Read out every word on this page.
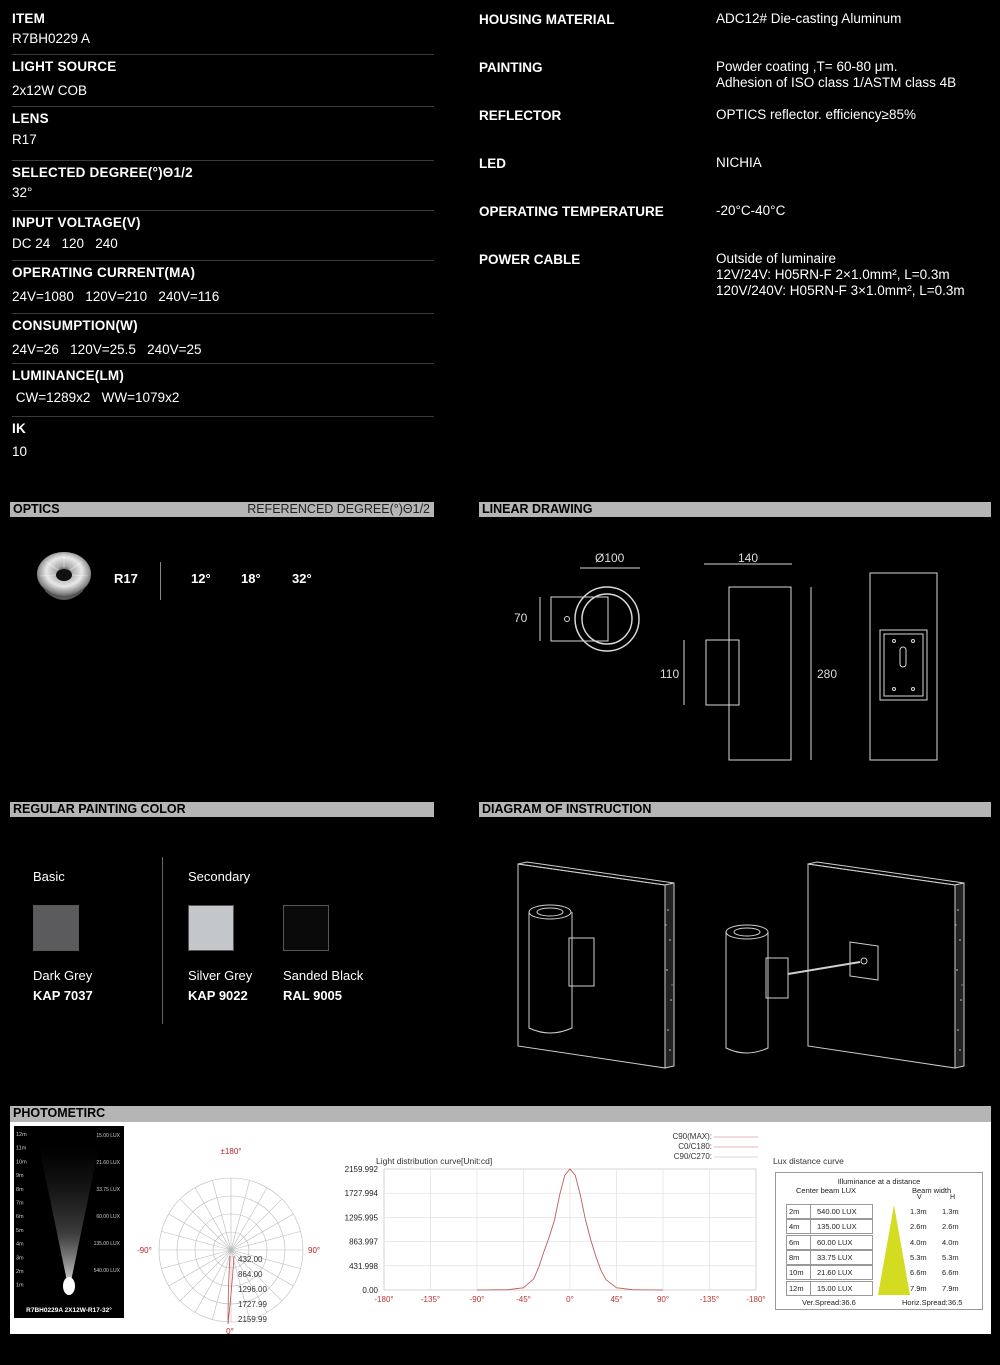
ITEM
R7BH0229 A
LIGHT SOURCE
2x12W COB
LENS
R17
SELECTED DEGREE(°)Θ1/2
32°
INPUT VOLTAGE(V)
DC 24   120   240
OPERATING CURRENT(MA)
24V=1080   120V=210   240V=116
CONSUMPTION(W)
24V=26   120V=25.5   240V=25
LUMINANCE(LM)
CW=1289x2   WW=1079x2
IK
10
HOUSING MATERIAL	ADC12# Die-casting Aluminum
PAINTING	Powder coating ,T= 60-80 μm.
Adhesion of ISO class 1/ASTM class 4B
REFLECTOR	OPTICS reflector. efficiency≥85%
LED	NICHIA
OPERATING TEMPERATURE	-20°C-40°C
POWER CABLE	Outside of luminaire
12V/24V: H05RN-F 2×1.0mm², L=0.3m
120V/240V: H05RN-F 3×1.0mm², L=0.3m
OPTICS	REFERENCED DEGREE(°)Θ1/2
R17	12° 18° 32°
LINEAR DRAWING
Ø100
70
140
110	280
REGULAR PAINTING COLOR
Basic	Secondary
Dark Grey
KAP 7037
Silver Grey
KAP 9022
Sanded Black
RAL 9005
DIAGRAM OF INSTRUCTION
PHOTOMETIRC
12m
11m
10m
9m
8m
7m
6m
5m
4m
3m
2m
1m
15.00 LUX
21.60 LUX
33.75 LUX
60.00 LUX
135.00 LUX
540.00 LUX
R7BH0229A 2X12W-R17-32°
±180°
-90°	90°
0°
432.00
864.00
1296.00
1727.99
2159.99
Light distribution curve[Unit:cd]
C90(MAX):
C0/C180:
C90/C270:
0.00
431.998
863.997
1295.995
1727.994
2159.992
-180°	-135°	-90°	-45°	0°	45°	90°	-135°	-180°
Lux distance curve
Illuminance at a distance
Center beam LUX	Beam width
V	H
2m 540.00 LUX	1.3m 1.3m
4m 135.00 LUX	2.6m 2.6m
6m 60.00 LUX	4.0m 4.0m
8m 33.75 LUX	5.3m 5.3m
10m 21.60 LUX	6.6m 6.6m
12m 15.00 LUX	7.9m 7.9m
Ver.Spread:36.6	Horiz.Spread:36.5
